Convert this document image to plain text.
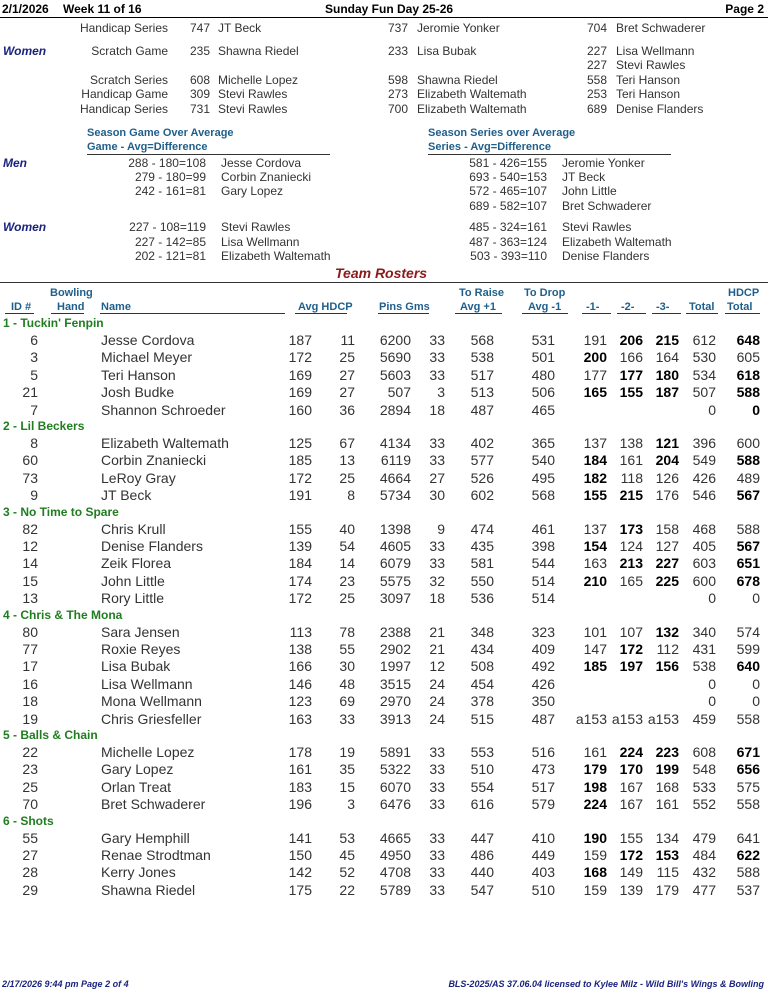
2/1/2026 Week 11 of 16	Sunday Fun Day 25-26	Page 2
Handicap Series 747 JT Beck	737 Jeromie Yonker	704 Bret Schwaderer
Women	Scratch Game 235 Shawna Riedel	233 Lisa Bubak	227 Lisa Wellmann
227 Stevi Rawles
Scratch Series 608 Michelle Lopez	598 Shawna Riedel	558 Teri Hanson
Handicap Game 309 Stevi Rawles	273 Elizabeth Waltemath	253 Teri Hanson
Handicap Series 731 Stevi Rawles	700 Elizabeth Waltemath	689 Denise Flanders
Season Game Over Average
Game - Avg=Difference
Season Series over Average
Series - Avg=Difference
Men	288 - 180=108 Jesse Cordova	581 - 426=155 Jeromie Yonker
279 - 180=99 Corbin Znaniecki	693 - 540=153 JT Beck
242 - 161=81 Gary Lopez	572 - 465=107 John Little
689 - 582=107 Bret Schwaderer
Women	227 - 108=119 Stevi Rawles	485 - 324=161 Stevi Rawles
227 - 142=85 Lisa Wellmann	487 - 363=124 Elizabeth Waltemath
202 - 121=81 Elizabeth Waltemath	503 - 393=110 Denise Flanders
Team Rosters
Bowling
ID # Hand Name	Avg HDCP Pins Gms
To Raise
Avg +1
To Drop
Avg -1 -1- -2- -3- Total
HDCP
Total
1 - Tuckin' Fenpin
6	Jesse Cordova	187 11 6200 33 568	531 191 206 215 612 648
3	Michael Meyer	172 25 5690 33 538	501 200 166 164 530 605
5	Teri Hanson	169 27 5603 33 517	480 177 177 180 534 618
21	Josh Budke	169 27 507 3 513	506 165 155 187 507 588
7	Shannon Schroeder	160 36 2894 18 487	465	0	0
2 - Lil Beckers
8	Elizabeth Waltemath	125 67 4134 33 402	365 137 138 121 396 600
60	Corbin Znaniecki	185 13 6119 33 577	540 184 161 204 549 588
73	LeRoy Gray	172 25 4664 27 526	495 182 118 126 426 489
9	JT Beck	191	8 5734 30 602	568 155 215 176 546 567
3 - No Time to Spare
82	Chris Krull	155 40 1398 9 474	461 137 173 158 468 588
12	Denise Flanders	139 54 4605 33 435	398 154 124 127 405 567
14	Zeik Florea	184 14 6079 33 581	544 163 213 227 603 651
15	John Little	174 23 5575 32 550	514 210 165 225 600 678
13	Rory Little	172 25 3097 18 536	514	0	0
4 - Chris & The Mona
80	Sara Jensen	113 78 2388 21 348	323 101 107 132 340 574
77	Roxie Reyes	138 55 2902 21 434	409 147 172 112 431 599
17	Lisa Bubak	166 30 1997 12 508	492 185 197 156 538 640
16	Lisa Wellmann	146 48 3515 24 454	426	0	0
18	Mona Wellmann	123 69 2970 24 378	350	0	0
19	Chris Griesfeller	163 33 3913 24 515	487 a153 a153 a153 459 558
5 - Balls & Chain
22	Michelle Lopez	178 19 5891 33 553	516 161 224 223 608 671
23	Gary Lopez	161 35 5322 33 510	473 179 170 199 548 656
25	Orlan Treat	183 15 6070 33 554	517 198 167 168 533 575
70	Bret Schwaderer	196	3 6476 33 616	579 224 167 161 552 558
6 - Shots
55	Gary Hemphill	141 53 4665 33 447	410 190 155 134 479 641
27	Renae Strodtman	150 45 4950 33 486	449 159 172 153 484 622
28	Kerry Jones	142 52 4708 33 440	403 168 149 115 432 588
29	Shawna Riedel	175 22 5789 33 547	510 159 139 179 477 537
2/17/2026 9:44 pm Page 2 of 4	BLS-2025/AS 37.06.04 licensed to Kylee Milz - Wild Bill's Wings & Bowling
